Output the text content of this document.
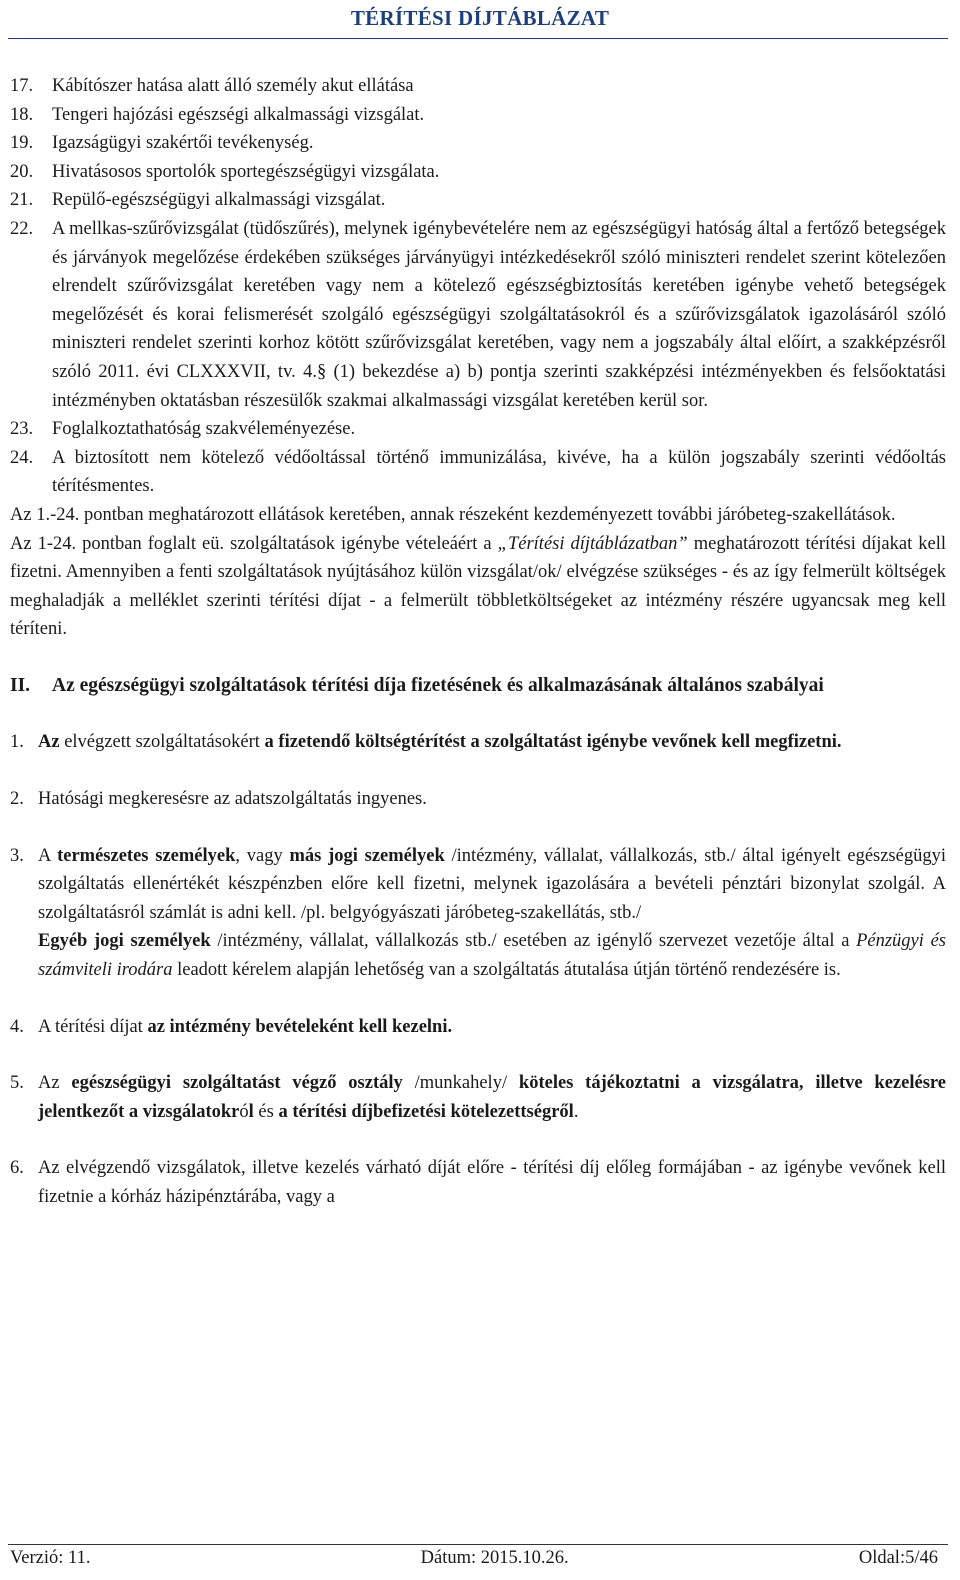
TÉRÍTÉSI DÍJTÁBLÁZAT
17.	Kábítószer hatása alatt álló személy akut ellátása
18.	Tengeri hajózási egészségi alkalmassági vizsgálat.
19.	Igazságügyi szakértői tevékenység.
20.	Hivatásosos sportolók sportegészségügyi vizsgálata.
21.	Repülő-egészségügyi alkalmassági vizsgálat.
22.	A mellkas-szűrővizsgálat (tüdőszűrés), melynek igénybevételére nem az egészségügyi hatóság által a fertőző betegségek és járványok megelőzése érdekében szükséges járványügyi intézkedésekről szóló miniszteri rendelet szerint kötelezően elrendelt szűrővizsgálat keretében vagy nem a kötelező egészségbiztosítás keretében igénybe vehető betegségek megelőzését és korai felismerését szolgáló egészségügyi szolgáltatásokról és a szűrővizsgálatok igazolásáról szóló miniszteri rendelet szerinti korhoz kötött szűrővizsgálat keretében, vagy nem a jogszabály által előírt, a szakképzésről szóló 2011. évi CLXXXVII, tv. 4.§ (1) bekezdése a) b) pontja szerinti szakképzési intézményekben és felsőoktatási intézményben oktatásban részesülők szakmai alkalmassági vizsgálat keretében kerül sor.
23.	Foglalkoztathatóság szakvéleményezése.
24.	A biztosított nem kötelező védőoltással történő immunizálása, kivéve, ha a külön jogszabály szerinti védőoltás térítésmentes.

Az 1.-24. pontban meghatározott ellátások keretében, annak részeként kezdeményezett további járóbeteg-szakellátások.

Az 1-24. pontban foglalt eü. szolgáltatások igénybe vételeáért a „Térítési díjtáblázatban” meghatározott térítési díjakat kell fizetni. Amennyiben a fenti szolgáltatások nyújtásához külön vizsgálat/ok/ elvégzése szükséges - és az így felmerült költségek meghaladják a melléklet szerinti térítési díjat - a felmerült többletköltségeket az intézmény részére ugyancsak meg kell téríteni.

II.	Az egészségügyi szolgáltatások térítési díja fizetésének és alkalmazásának általános szabályai
1. Az elvégzett szolgáltatásokért a fizetendő költségtérítést a szolgáltatást igénybe vevőnek kell megfizetni.
2. Hatósági megkeresésre az adatszolgáltatás ingyenes.
3. A természetes személyek, vagy más jogi személyek /intézmény, vállalat, vállalkozás, stb./ által igényelt egészségügyi szolgáltatás ellenértékét készpénzben előre kell fizetni, melynek igazolására a bevételi pénztári bizonylat szolgál. A szolgáltatásról számlát is adni kell. /pl. belgyógyászati járóbeteg-szakellátás, stb./
Egyéb jogi személyek /intézmény, vállalat, vállalkozás stb./ esetében az igénylő szervezet vezetője által a Pénzügyi és számviteli irodára leadott kérelem alapján lehetőség van a szolgáltatás átutalása útján történő rendezésére is.
4. A térítési díjat az intézmény bevételeként kell kezelni.
5. Az egészségügyi szolgáltatást végző osztály /munkahely/ köteles tájékoztatni a vizsgálatra, illetve kezelésre jelentkezőt a vizsgálatokról és a térítési díjbefizetési kötelezettségről.
6. Az elvégzendő vizsgálatok, illetve kezelés várható díját előre - térítési díj előleg formájában - az igénybe vevőnek kell fizetnie a kórház házipénztárába, vagy a
Verzió: 11.	Dátum: 2015.10.26.	Oldal:5/46
